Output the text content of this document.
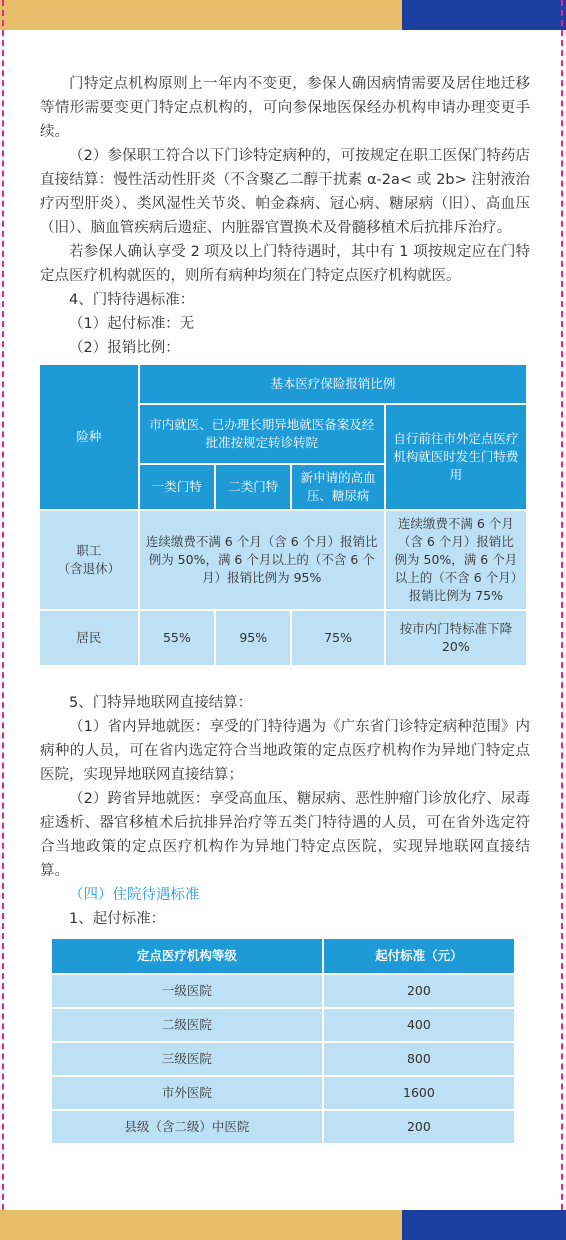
门特定点机构原则上一年内不变更，参保人确因病情需要及居住地迁移等情形需要变更门特定点机构的，可向参保地医保经办机构申请办理变更手续。

（2）参保职工符合以下门诊特定病种的，可按规定在职工医保门特药店直接结算：慢性活动性肝炎（不含聚乙二醇干扰素 α-2a< 或 2b> 注射液治疗丙型肝炎）、类风湿性关节炎、帕金森病、冠心病、糖尿病（旧）、高血压（旧）、脑血管疾病后遗症、内脏器官置换术及骨髓移植术后抗排斥治疗。

若参保人确认享受 2 项及以上门特待遇时，其中有 1 项按规定应在门特定点医疗机构就医的，则所有病种均须在门特定点医疗机构就医。

4、门特待遇标准：

（1）起付标准：无

（2）报销比例：

险种	基本医疗保险报销比例			
	市内就医、已办理长期异地就医备案及经批准按规定转诊转院			自行前往市外定点医疗机构就医时发生门特费用
	一类门特	二类门特	新申请的高血压、糖尿病	
职工
（含退休）	连续缴费不满 6 个月（含 6 个月）报销比例为 50%，满 6 个月以上的（不含 6 个月）报销比例为 95%			连续缴费不满 6 个月（含 6 个月）报销比例为 50%，满 6 个月以上的（不含 6 个月）报销比例为 75%
居民	55%	95%	75%	按市内门特标准下降 20%

5、门特异地联网直接结算：

（1）省内异地就医：享受的门特待遇为《广东省门诊特定病种范围》内病种的人员，可在省内选定符合当地政策的定点医疗机构作为异地门特定点医院，实现异地联网直接结算；

（2）跨省异地就医：享受高血压、糖尿病、恶性肿瘤门诊放化疗、尿毒症透析、器官移植术后抗排异治疗等五类门特待遇的人员，可在省外选定符合当地政策的定点医疗机构作为异地门特定点医院，实现异地联网直接结算。

（四）住院待遇标准

1、起付标准：

定点医疗机构等级	起付标准（元）
一级医院	200
二级医院	400
三级医院	800
市外医院	1600
县级（含二级）中医院	200
